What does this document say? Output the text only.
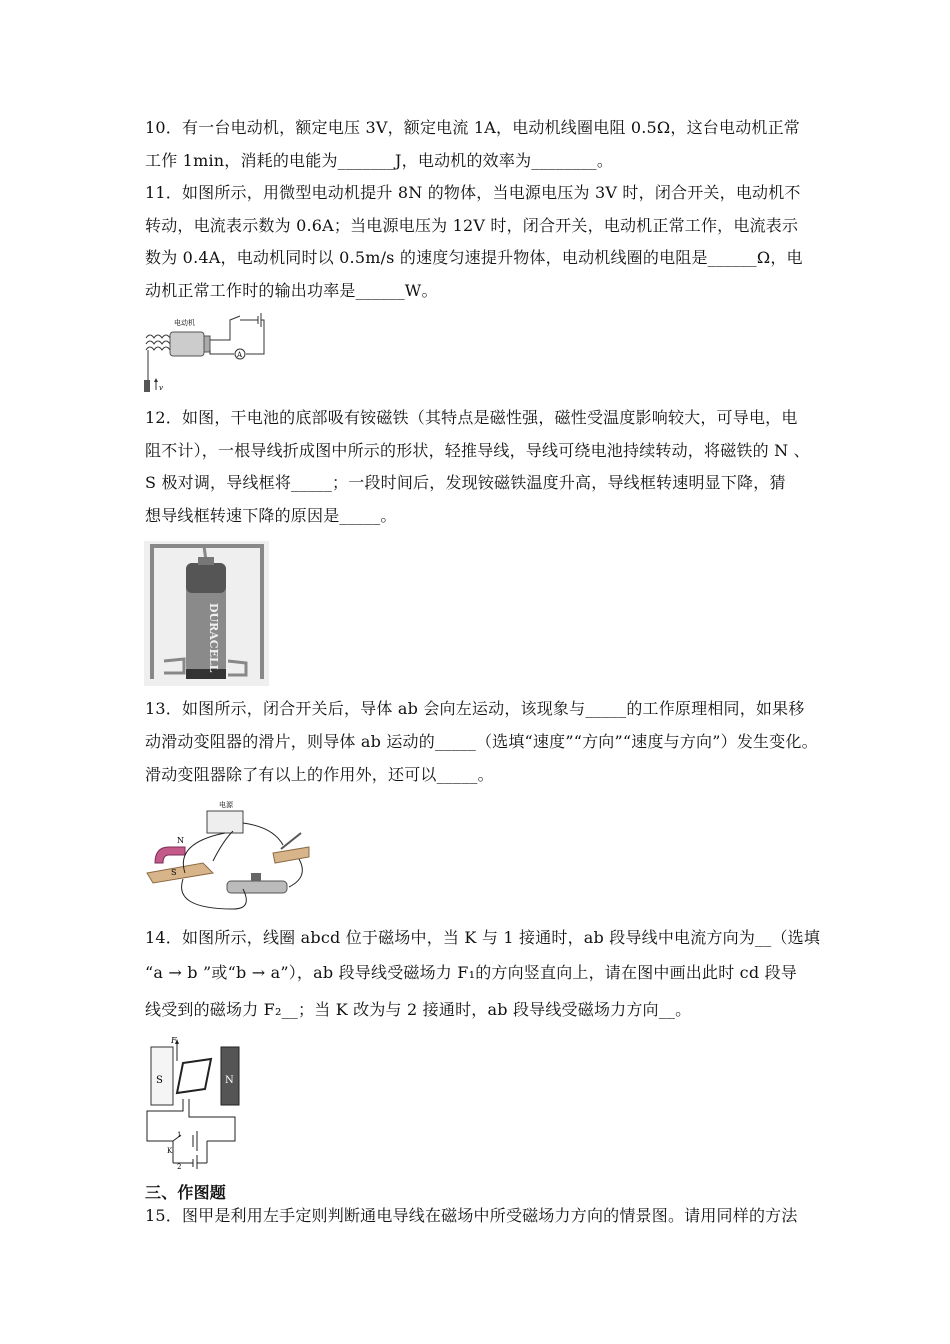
10．有一台电动机，额定电压 3V，额定电流 1A，电动机线圈电阻 0.5Ω，这台电动机正常
工作 1min，消耗的电能为_______J，电动机的效率为________。
11．如图所示，用微型电动机提升 8N 的物体，当电源电压为 3V 时，闭合开关，电动机不
转动，电流表示数为 0.6A；当电源电压为 12V 时，闭合开关，电动机正常工作，电流表示
数为 0.4A，电动机同时以 0.5m/s 的速度匀速提升物体，电动机线圈的电阻是______Ω，电
动机正常工作时的输出功率是______W。
v
电动机
A
12．如图，干电池的底部吸有铵磁铁（其特点是磁性强，磁性受温度影响较大，可导电，电
阻不计），一根导线折成图中所示的形状，轻推导线，导线可绕电池持续转动，将磁铁的 N 、
S 极对调，导线框将_____；一段时间后，发现铵磁铁温度升高，导线框转速明显下降，猜
想导线框转速下降的原因是_____。
DURACELL
13．如图所示，闭合开关后，导体 ab 会向左运动，该现象与_____的工作原理相同，如果移
动滑动变阻器的滑片，则导体 ab 运动的_____（选填“速度”“方向”“速度与方向”）发生变化。
滑动变阻器除了有以上的作用外，还可以_____。
N
S
电源
14．如图所示，线圈 abcd 位于磁场中，当 K 与 1 接通时，ab 段导线中电流方向为__（选填
“a → b ”或“b → a”），ab 段导线受磁场力 F₁的方向竖直向上，请在图中画出此时 cd 段导
线受到的磁场力 F₂__；当 K 改为与 2 接通时，ab 段导线受磁场力方向__。
S	N
F
1
K
2
三、作图题
15．图甲是利用左手定则判断通电导线在磁场中所受磁场力方向的情景图。请用同样的方法
